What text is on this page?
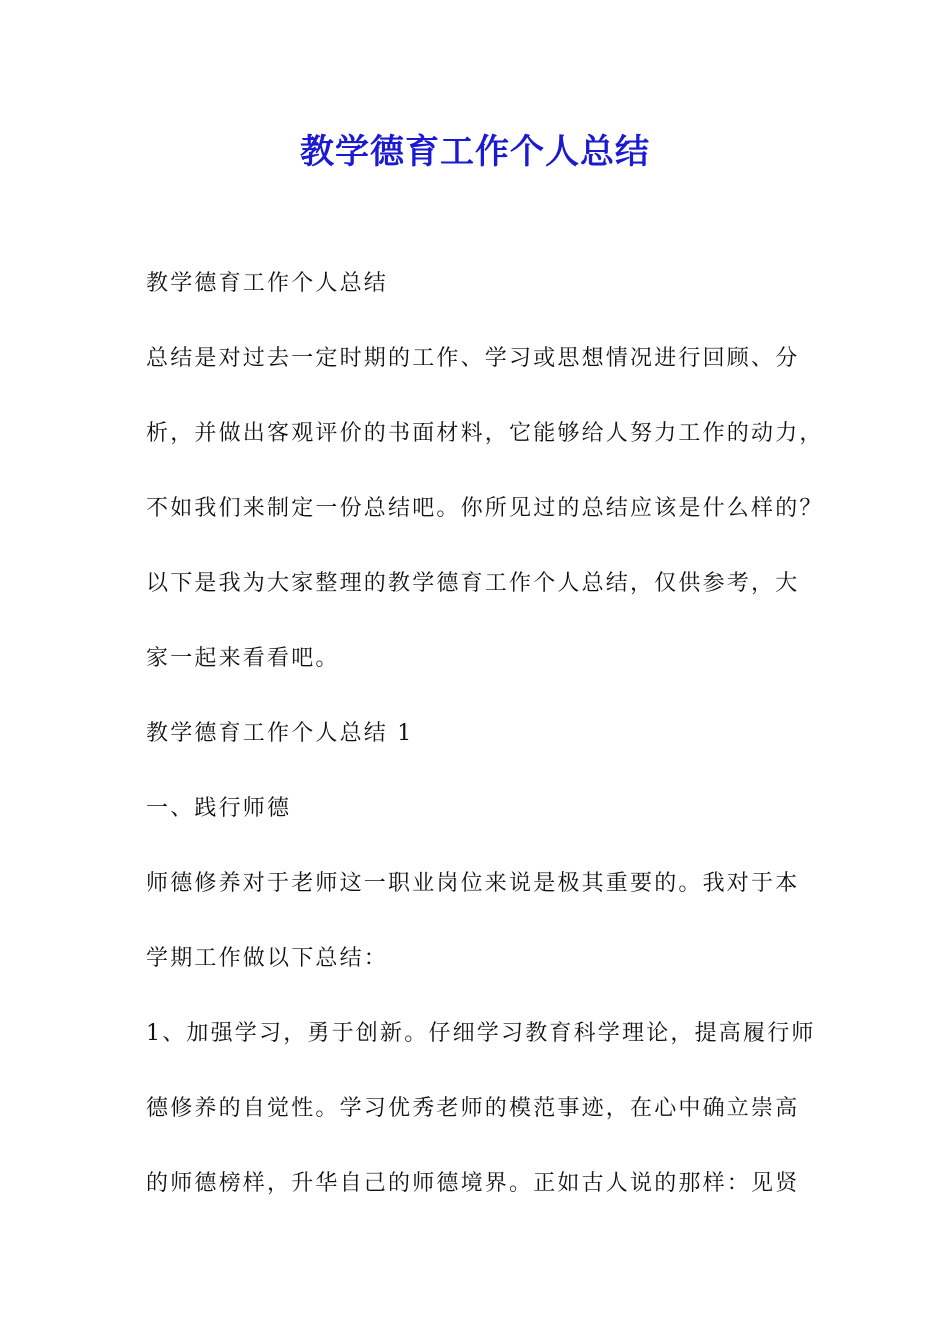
教学德育工作个人总结
教学德育工作个人总结
总结是对过去一定时期的工作、学习或思想情况进行回顾、分
析，并做出客观评价的书面材料，它能够给人努力工作的动力，
不如我们来制定一份总结吧。你所见过的总结应该是什么样的？
以下是我为大家整理的教学德育工作个人总结，仅供参考，大
家一起来看看吧。
教学德育工作个人总结 1
一、践行师德
师德修养对于老师这一职业岗位来说是极其重要的。我对于本
学期工作做以下总结：
1、加强学习，勇于创新。仔细学习教育科学理论，提高履行师
德修养的自觉性。学习优秀老师的模范事迹，在心中确立崇高
的师德榜样，升华自己的师德境界。正如古人说的那样：见贤
